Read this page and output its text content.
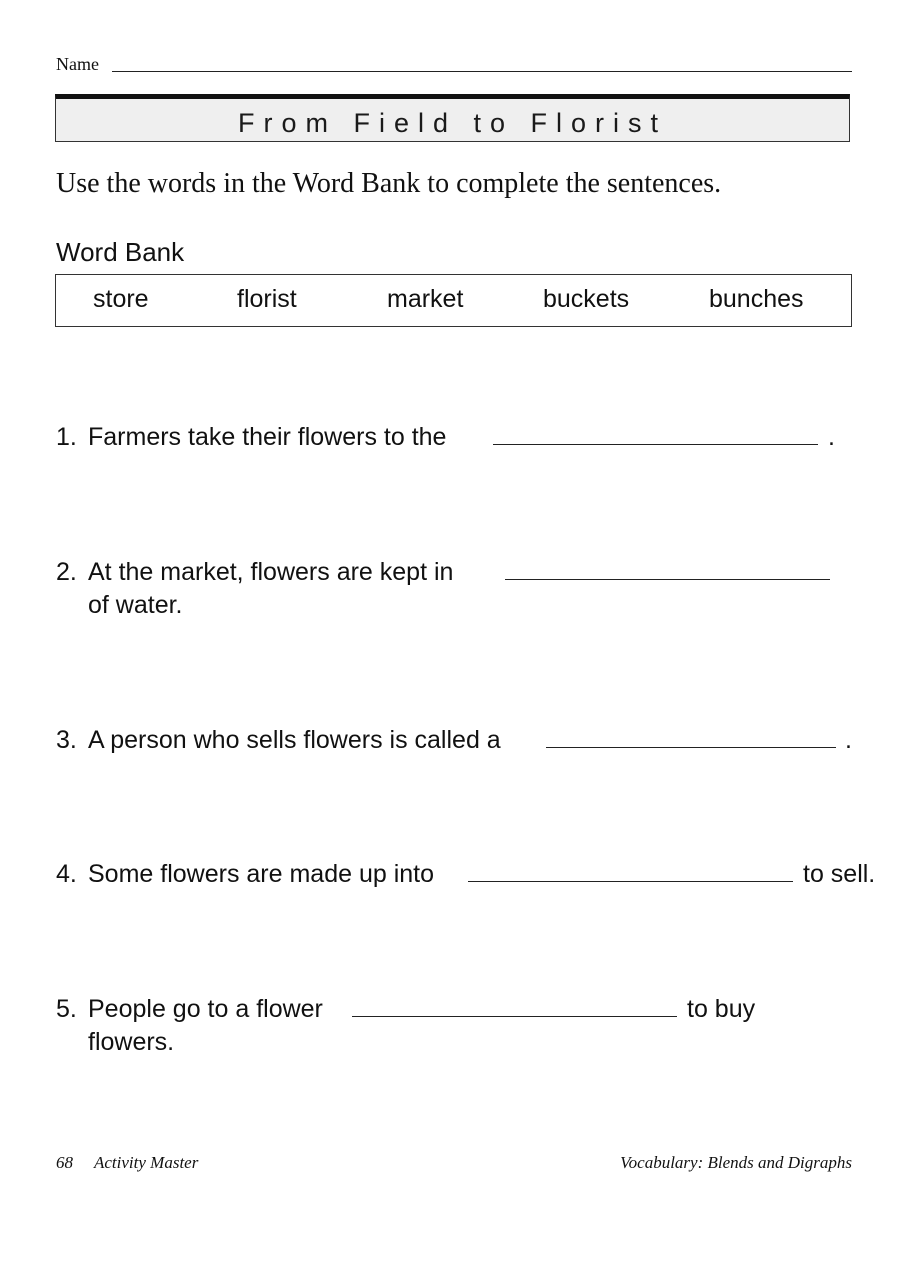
Name
From Field to Florist
Use the words in the Word Bank to complete the sentences.
Word Bank
store	florist	market	buckets	bunches
1. Farmers take their flowers to the	.
2. At the market, flowers are kept in
of water.
3. A person who sells flowers is called a	.
4. Some flowers are made up into	to sell.
5. People go to a flower	to buy
flowers.
68 Activity Master	Vocabulary: Blends and Digraphs
